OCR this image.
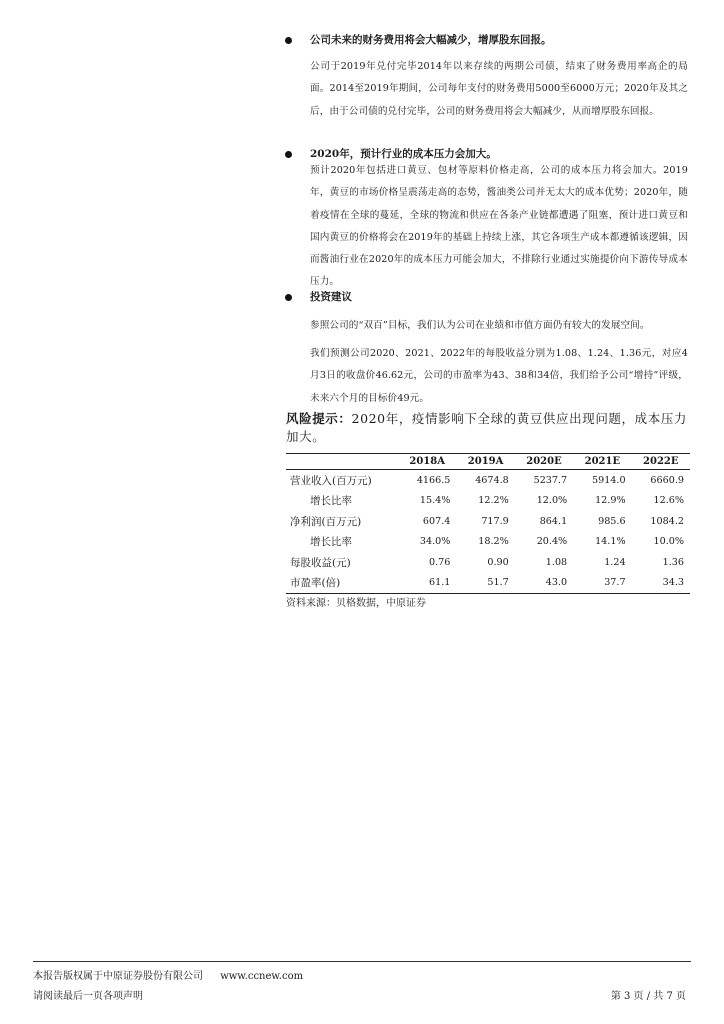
公司未来的财务费用将会大幅减少，增厚股东回报。
公司于2019年兑付完毕2014年以来存续的两期公司债，结束了财务费用率高企的局面。2014至2019年期间，公司每年支付的财务费用5000至6000万元；2020年及其之后，由于公司债的兑付完毕，公司的财务费用将会大幅减少，从而增厚股东回报。
2020年，预计行业的成本压力会加大。
预计2020年包括进口黄豆、包材等原料价格走高，公司的成本压力将会加大。2019年，黄豆的市场价格呈震荡走高的态势，酱油类公司并无太大的成本优势；2020年，随着疫情在全球的蔓延，全球的物流和供应在各条产业链都遭遇了阻塞，预计进口黄豆和国内黄豆的价格将会在2019年的基础上持续上涨，其它各项生产成本都遵循该逻辑，因而酱油行业在2020年的成本压力可能会加大，不排除行业通过实施提价向下游传导成本压力。
投资建议
参照公司的“双百”目标，我们认为公司在业绩和市值方面仍有较大的发展空间。
我们预测公司2020、2021、2022年的每股收益分别为1.08、1.24、1.36元，对应4月3日的收盘价46.62元，公司的市盈率为43、38和34倍，我们给予公司“增持”评级，未来六个月的目标价49元。
风险提示：2020年，疫情影响下全球的黄豆供应出现问题，成本压力加大。
	2018A	2019A	2020E	2021E	2022E
营业收入(百万元)	4166.5	4674.8	5237.7	5914.0	6660.9
增长比率	15.4%	12.2%	12.0%	12.9%	12.6%
净利润(百万元)	607.4	717.9	864.1	985.6	1084.2
增长比率	34.0%	18.2%	20.4%	14.1%	10.0%
每股收益(元)	0.76	0.90	1.08	1.24	1.36
市盈率(倍)	61.1	51.7	43.0	37.7	34.3
资料来源：贝格数据，中原证券
本报告版权属于中原证券股份有限公司 www.ccnew.com
请阅读最后一页各项声明	第 3 页 / 共 7 页
